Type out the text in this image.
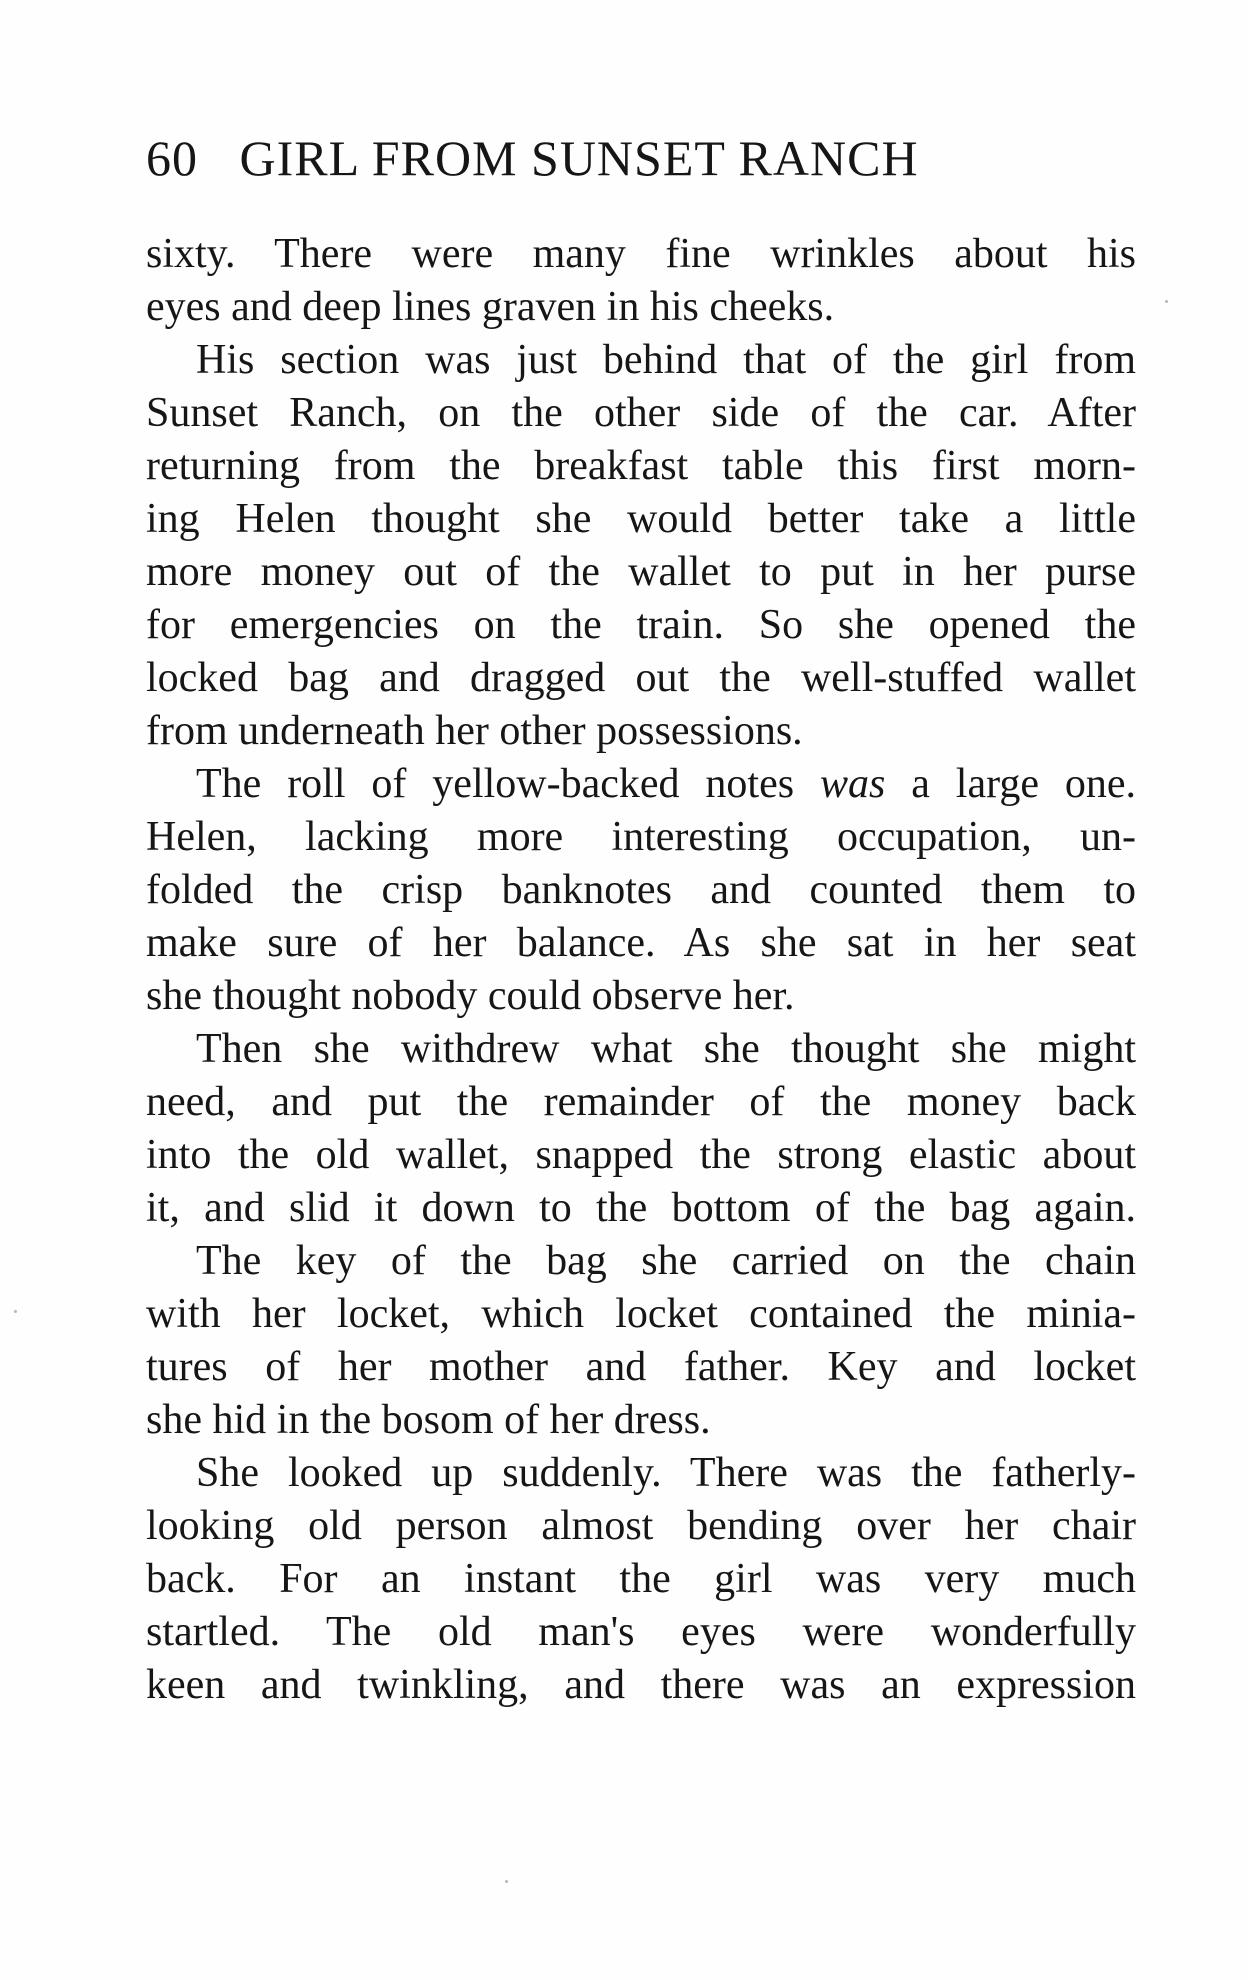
60 GIRL FROM SUNSET RANCH
sixty. There were many fine wrinkles about his
eyes and deep lines graven in his cheeks.
His section was just behind that of the girl from
Sunset Ranch, on the other side of the car. After
returning from the breakfast table this first morn-
ing Helen thought she would better take a little
more money out of the wallet to put in her purse
for emergencies on the train. So she opened the
locked bag and dragged out the well-stuffed wallet
from underneath her other possessions.
The roll of yellow-backed notes was a large one.
Helen, lacking more interesting occupation, un-
folded the crisp banknotes and counted them to
make sure of her balance. As she sat in her seat
she thought nobody could observe her.
Then she withdrew what she thought she might
need, and put the remainder of the money back
into the old wallet, snapped the strong elastic about
it, and slid it down to the bottom of the bag again.
The key of the bag she carried on the chain
with her locket, which locket contained the minia-
tures of her mother and father. Key and locket
she hid in the bosom of her dress.
She looked up suddenly. There was the fatherly-
looking old person almost bending over her chair
back. For an instant the girl was very much
startled. The old man's eyes were wonderfully
keen and twinkling, and there was an expression
